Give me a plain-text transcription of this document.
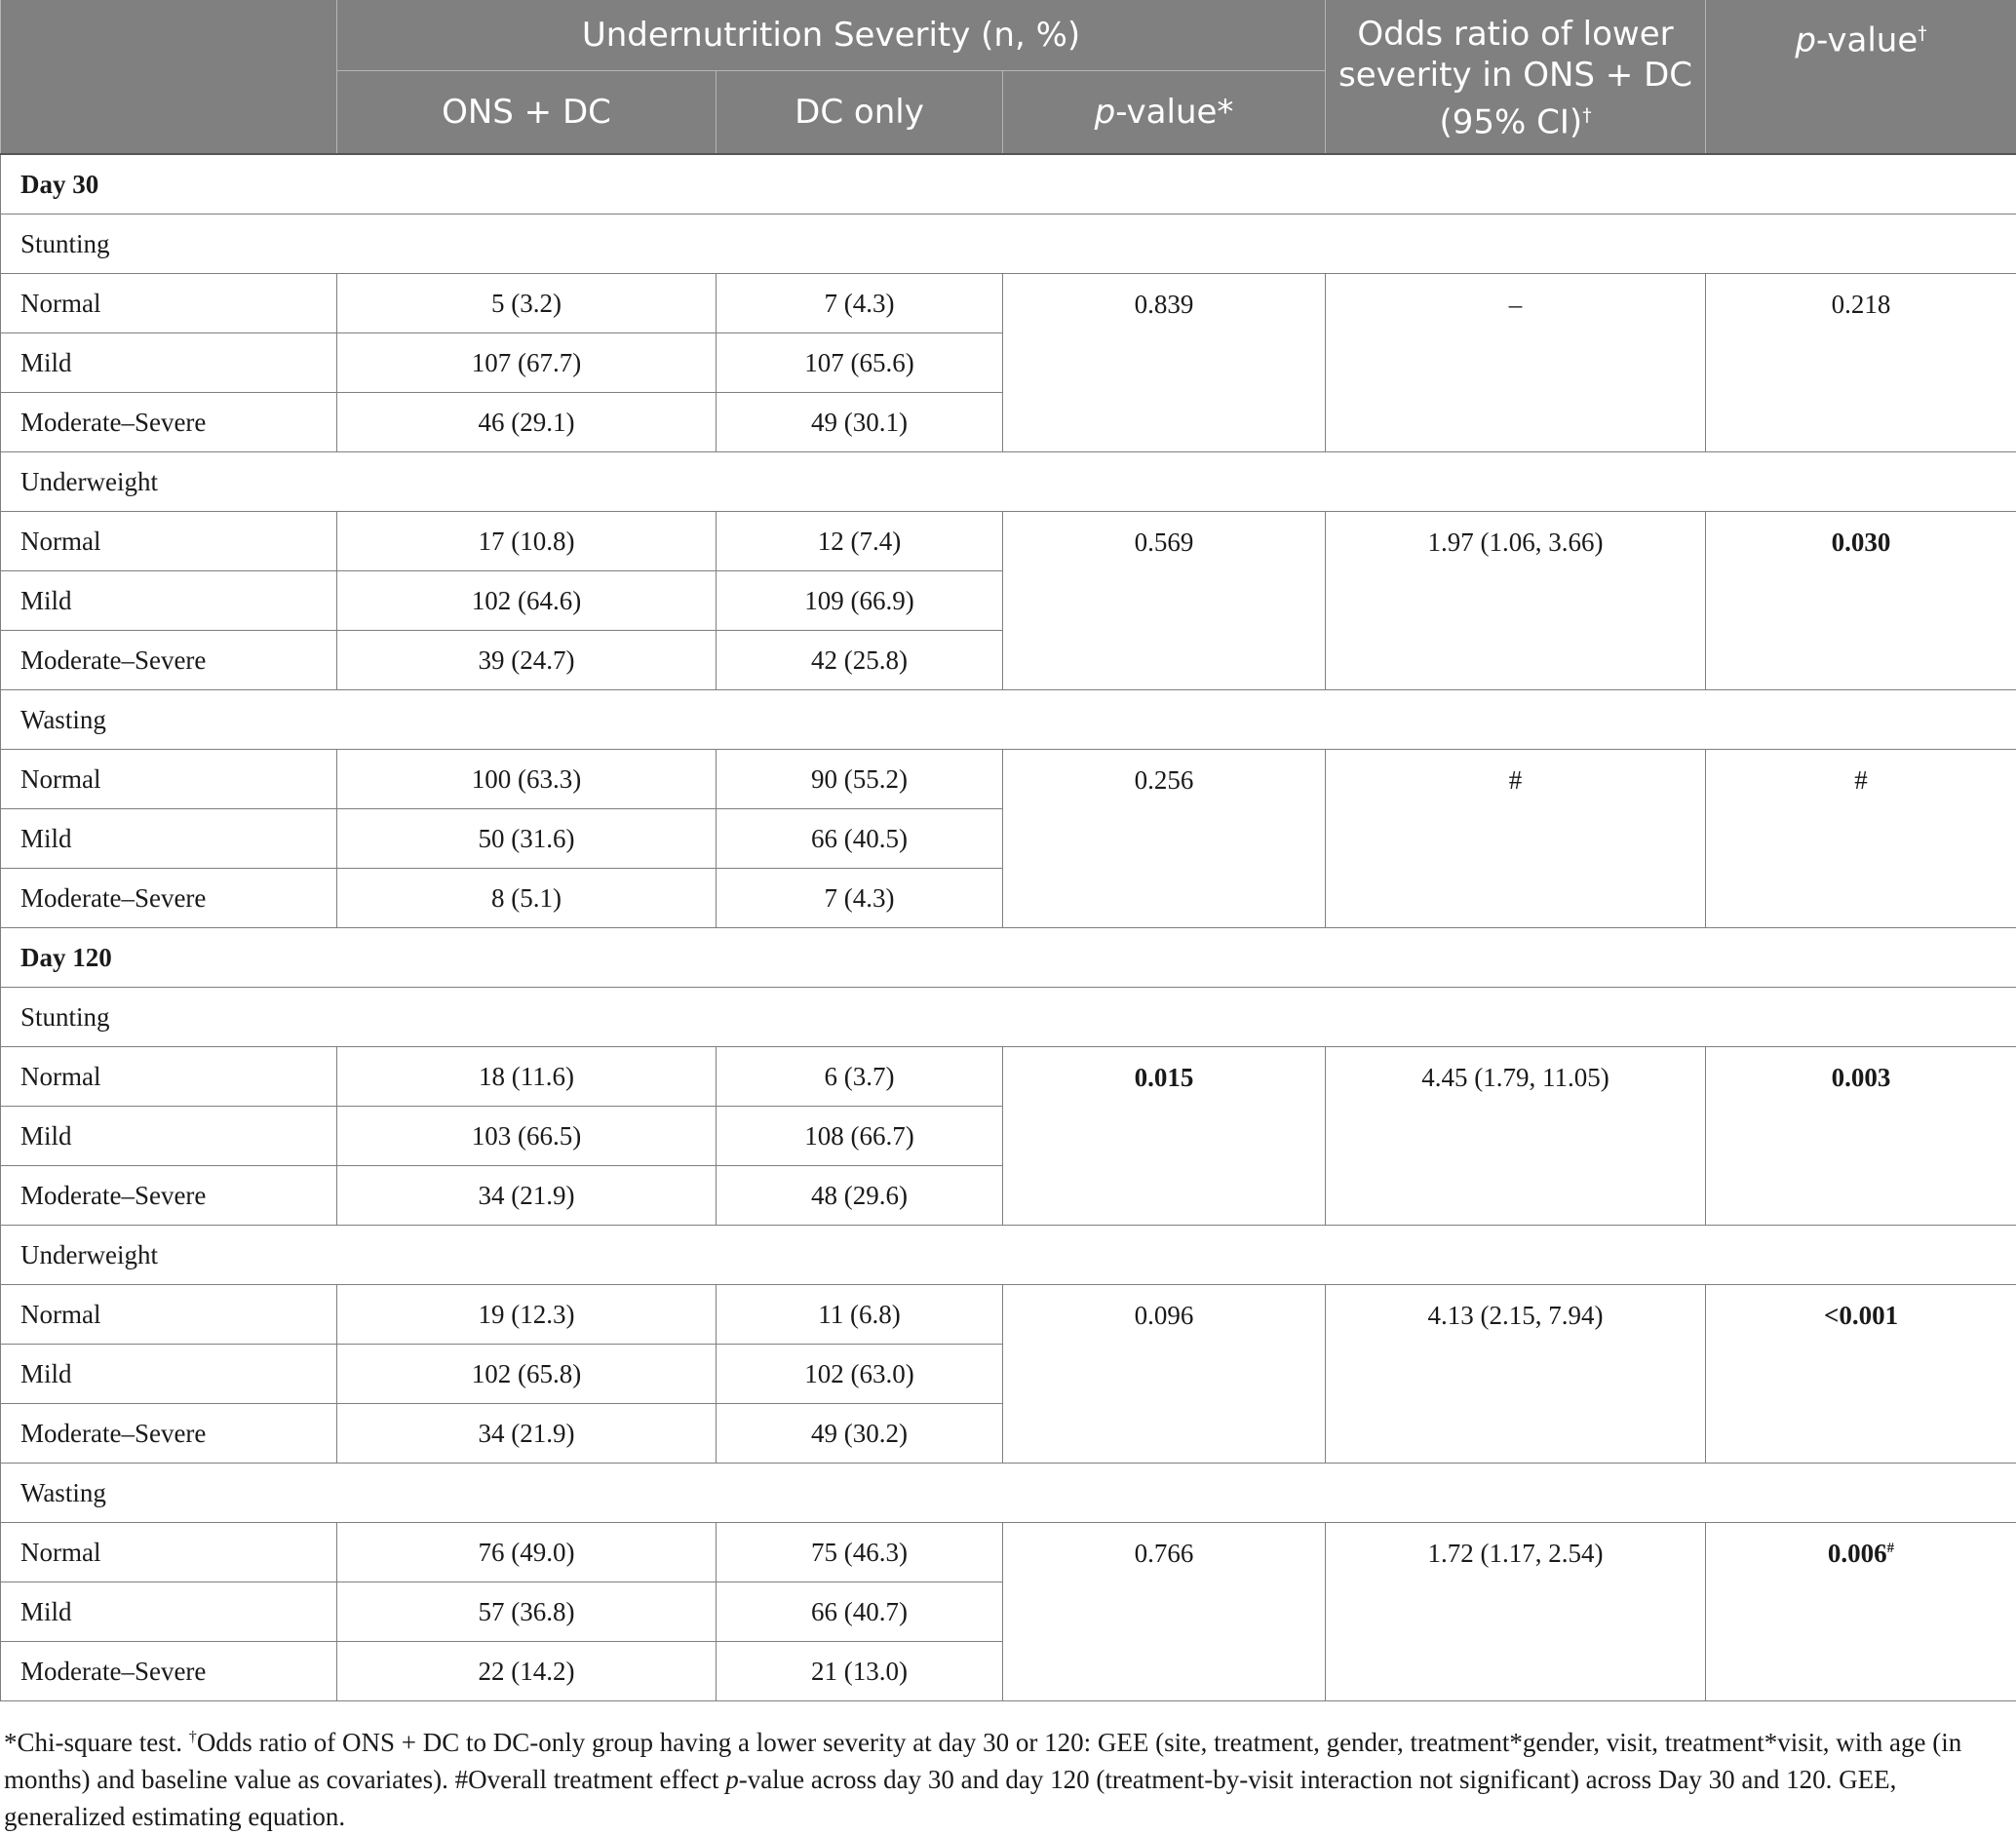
	Undernutrition Severity (n, %)			Odds ratio of lower severity in ONS + DC (95% CI)†	p-value†
	ONS + DC	DC only	p-value*		
Day 30					
Stunting					
Normal	5 (3.2)	7 (4.3)	0.839	–	0.218
Mild	107 (67.7)	107 (65.6)			
Moderate–Severe	46 (29.1)	49 (30.1)			
Underweight					
Normal	17 (10.8)	12 (7.4)	0.569	1.97 (1.06, 3.66)	0.030
Mild	102 (64.6)	109 (66.9)			
Moderate–Severe	39 (24.7)	42 (25.8)			
Wasting					
Normal	100 (63.3)	90 (55.2)	0.256	#	#
Mild	50 (31.6)	66 (40.5)			
Moderate–Severe	8 (5.1)	7 (4.3)			
Day 120					
Stunting					
Normal	18 (11.6)	6 (3.7)	0.015	4.45 (1.79, 11.05)	0.003
Mild	103 (66.5)	108 (66.7)			
Moderate–Severe	34 (21.9)	48 (29.6)			
Underweight					
Normal	19 (12.3)	11 (6.8)	0.096	4.13 (2.15, 7.94)	<0.001
Mild	102 (65.8)	102 (63.0)			
Moderate–Severe	34 (21.9)	49 (30.2)			
Wasting					
Normal	76 (49.0)	75 (46.3)	0.766	1.72 (1.17, 2.54)	0.006#
Mild	57 (36.8)	66 (40.7)			
Moderate–Severe	22 (14.2)	21 (13.0)			

*Chi-square test. †Odds ratio of ONS + DC to DC-only group having a lower severity at day 30 or 120: GEE (site, treatment, gender, treatment*gender, visit, treatment*visit, with age (in months) and baseline value as covariates). #Overall treatment effect p-value across day 30 and day 120 (treatment-by-visit interaction not significant) across Day 30 and 120. GEE, generalized estimating equation.
